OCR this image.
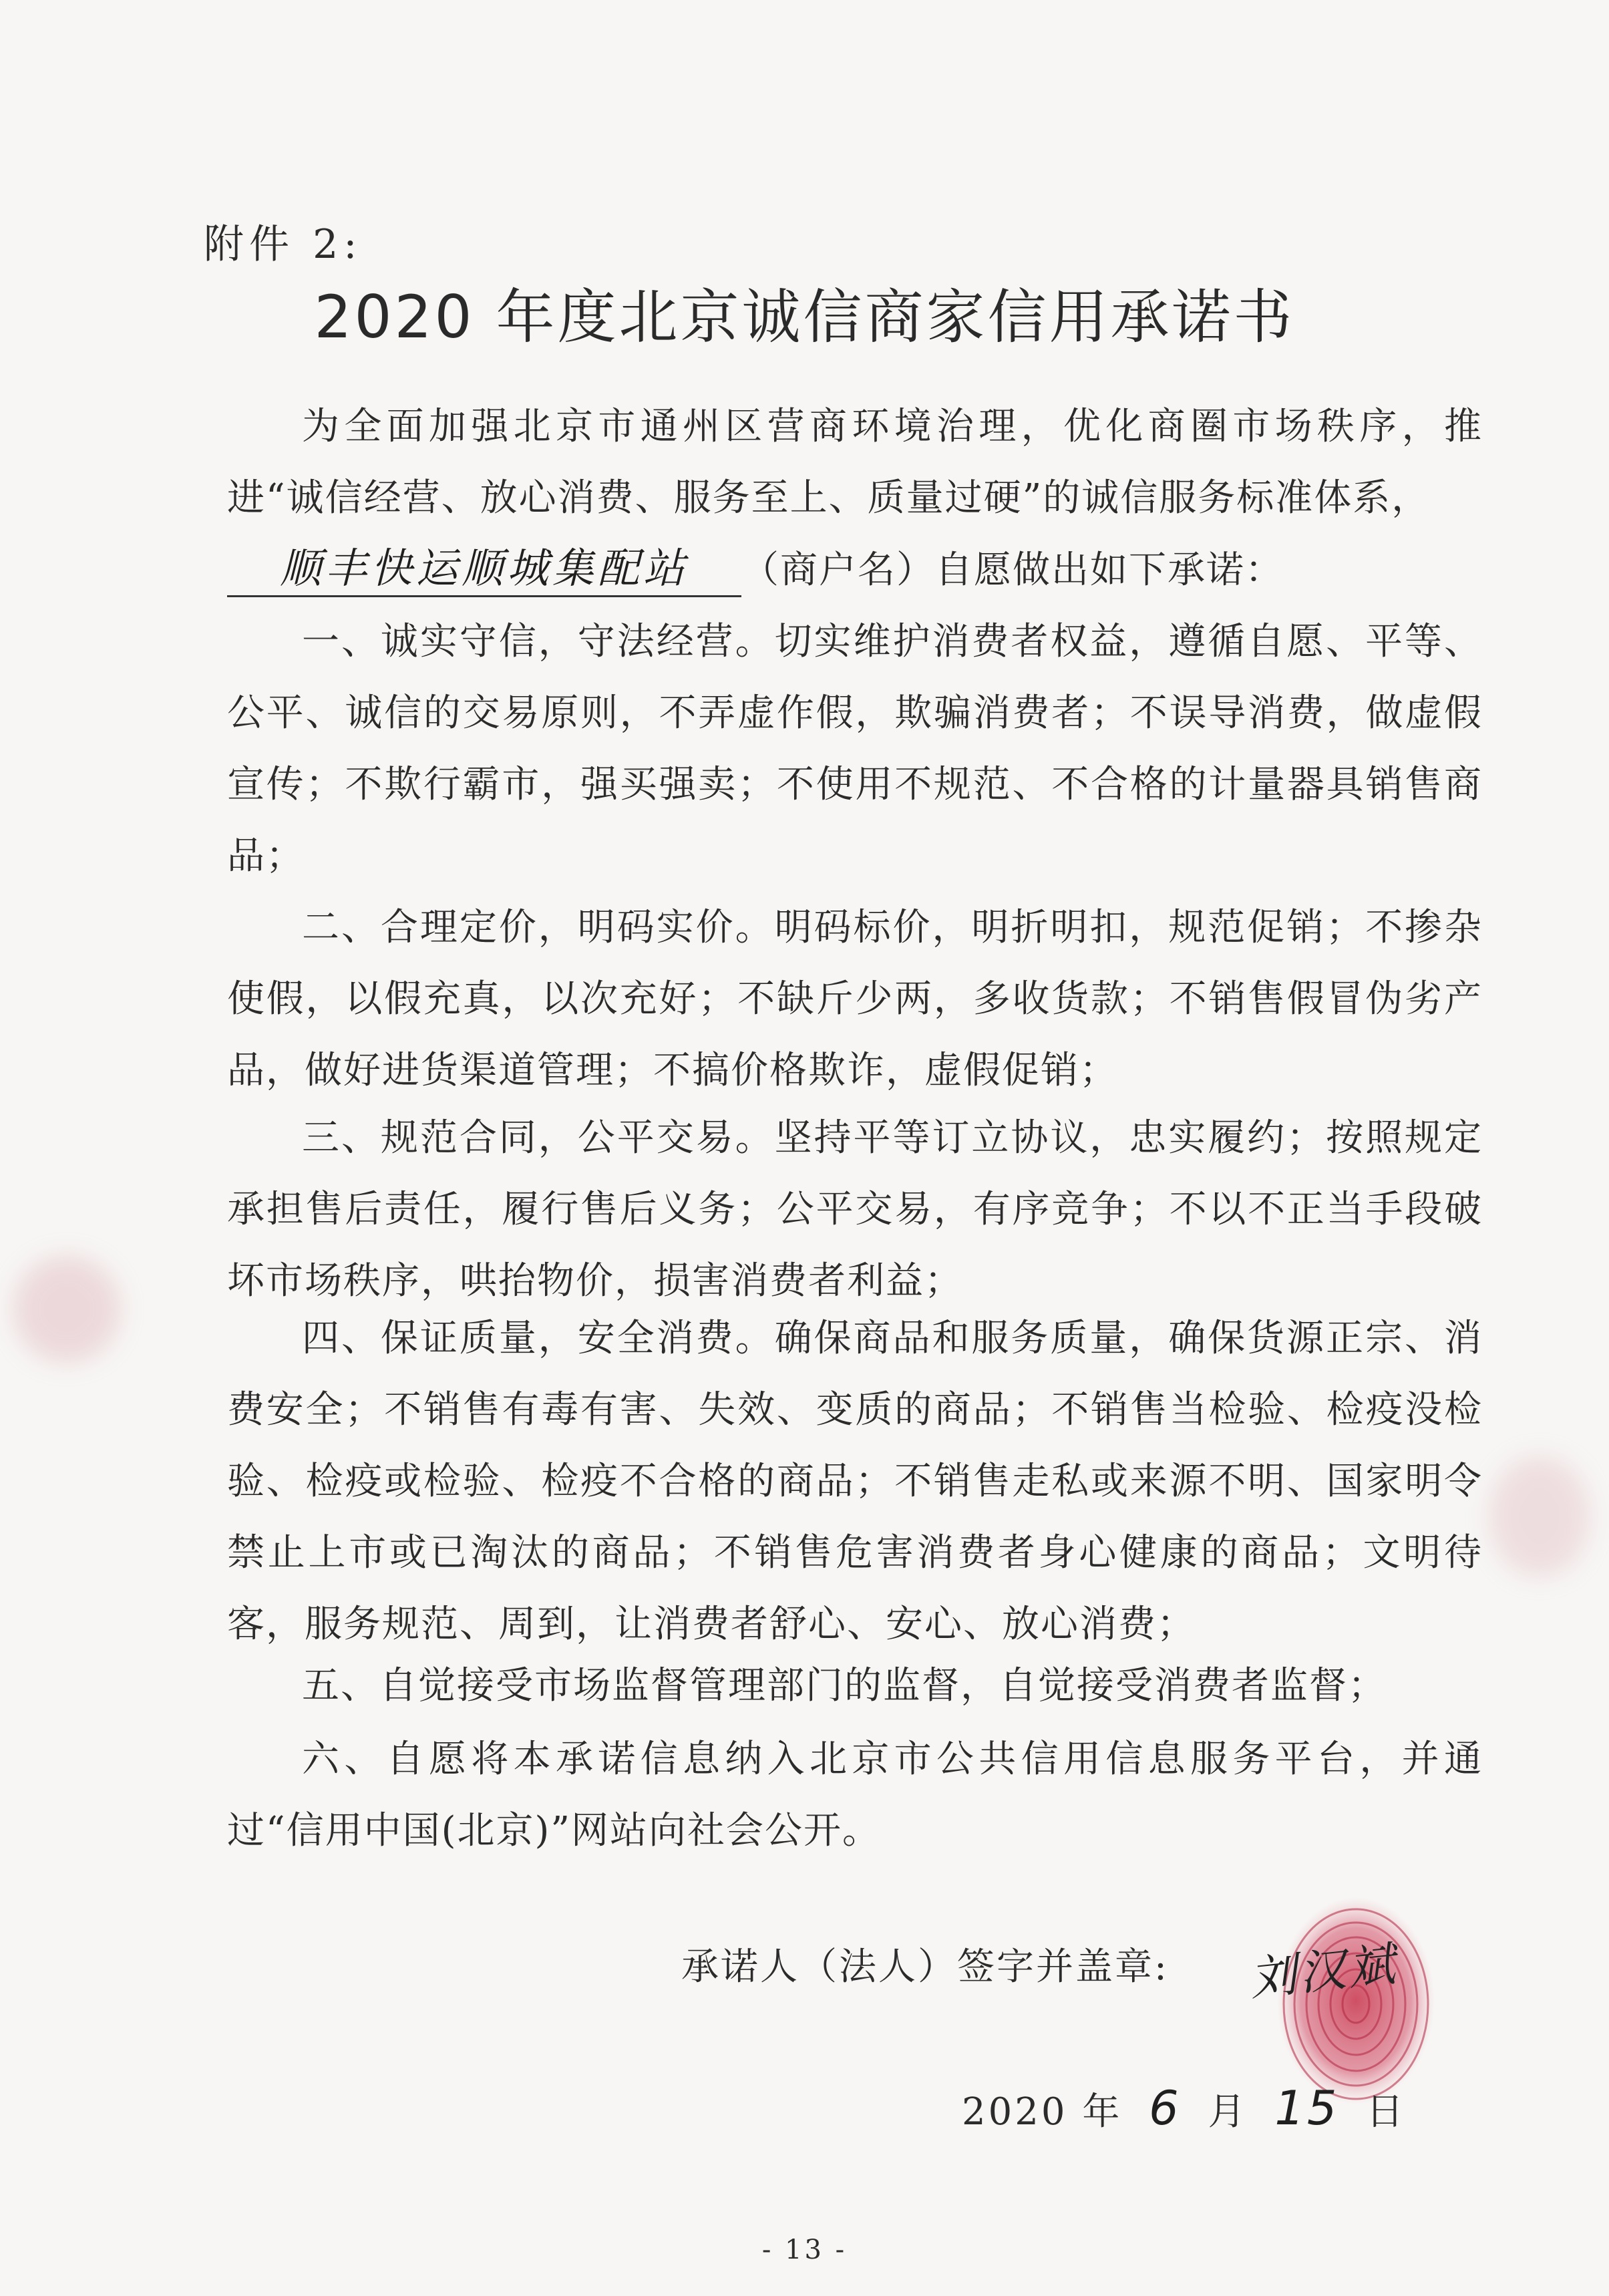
附件 2:
2020 年度北京诚信商家信用承诺书
为全面加强北京市通州区营商环境治理，优化商圈市场秩序，推进“诚信经营、放心消费、服务至上、质量过硬”的诚信服务标准体系，
顺丰快运顺城集配站 （商户名）自愿做出如下承诺：
一、诚实守信，守法经营。切实维护消费者权益，遵循自愿、平等、公平、诚信的交易原则，不弄虚作假，欺骗消费者；不误导消费，做虚假宣传；不欺行霸市，强买强卖；不使用不规范、不合格的计量器具销售商品；
二、合理定价，明码实价。明码标价，明折明扣，规范促销；不掺杂使假，以假充真，以次充好；不缺斤少两，多收货款；不销售假冒伪劣产品，做好进货渠道管理；不搞价格欺诈，虚假促销；
三、规范合同，公平交易。坚持平等订立协议，忠实履约；按照规定承担售后责任，履行售后义务；公平交易，有序竞争；不以不正当手段破坏市场秩序，哄抬物价，损害消费者利益；
四、保证质量，安全消费。确保商品和服务质量，确保货源正宗、消费安全；不销售有毒有害、失效、变质的商品；不销售当检验、检疫没检验、检疫或检验、检疫不合格的商品；不销售走私或来源不明、国家明令禁止上市或已淘汰的商品；不销售危害消费者身心健康的商品；文明待客，服务规范、周到，让消费者舒心、安心、放心消费；
五、自觉接受市场监督管理部门的监督，自觉接受消费者监督；
六、自愿将本承诺信息纳入北京市公共信用信息服务平台，并通过“信用中国(北京)”网站向社会公开。
承诺人（法人）签字并盖章: 刘汉斌
2020 年 6 月 15 日
- 13 -
